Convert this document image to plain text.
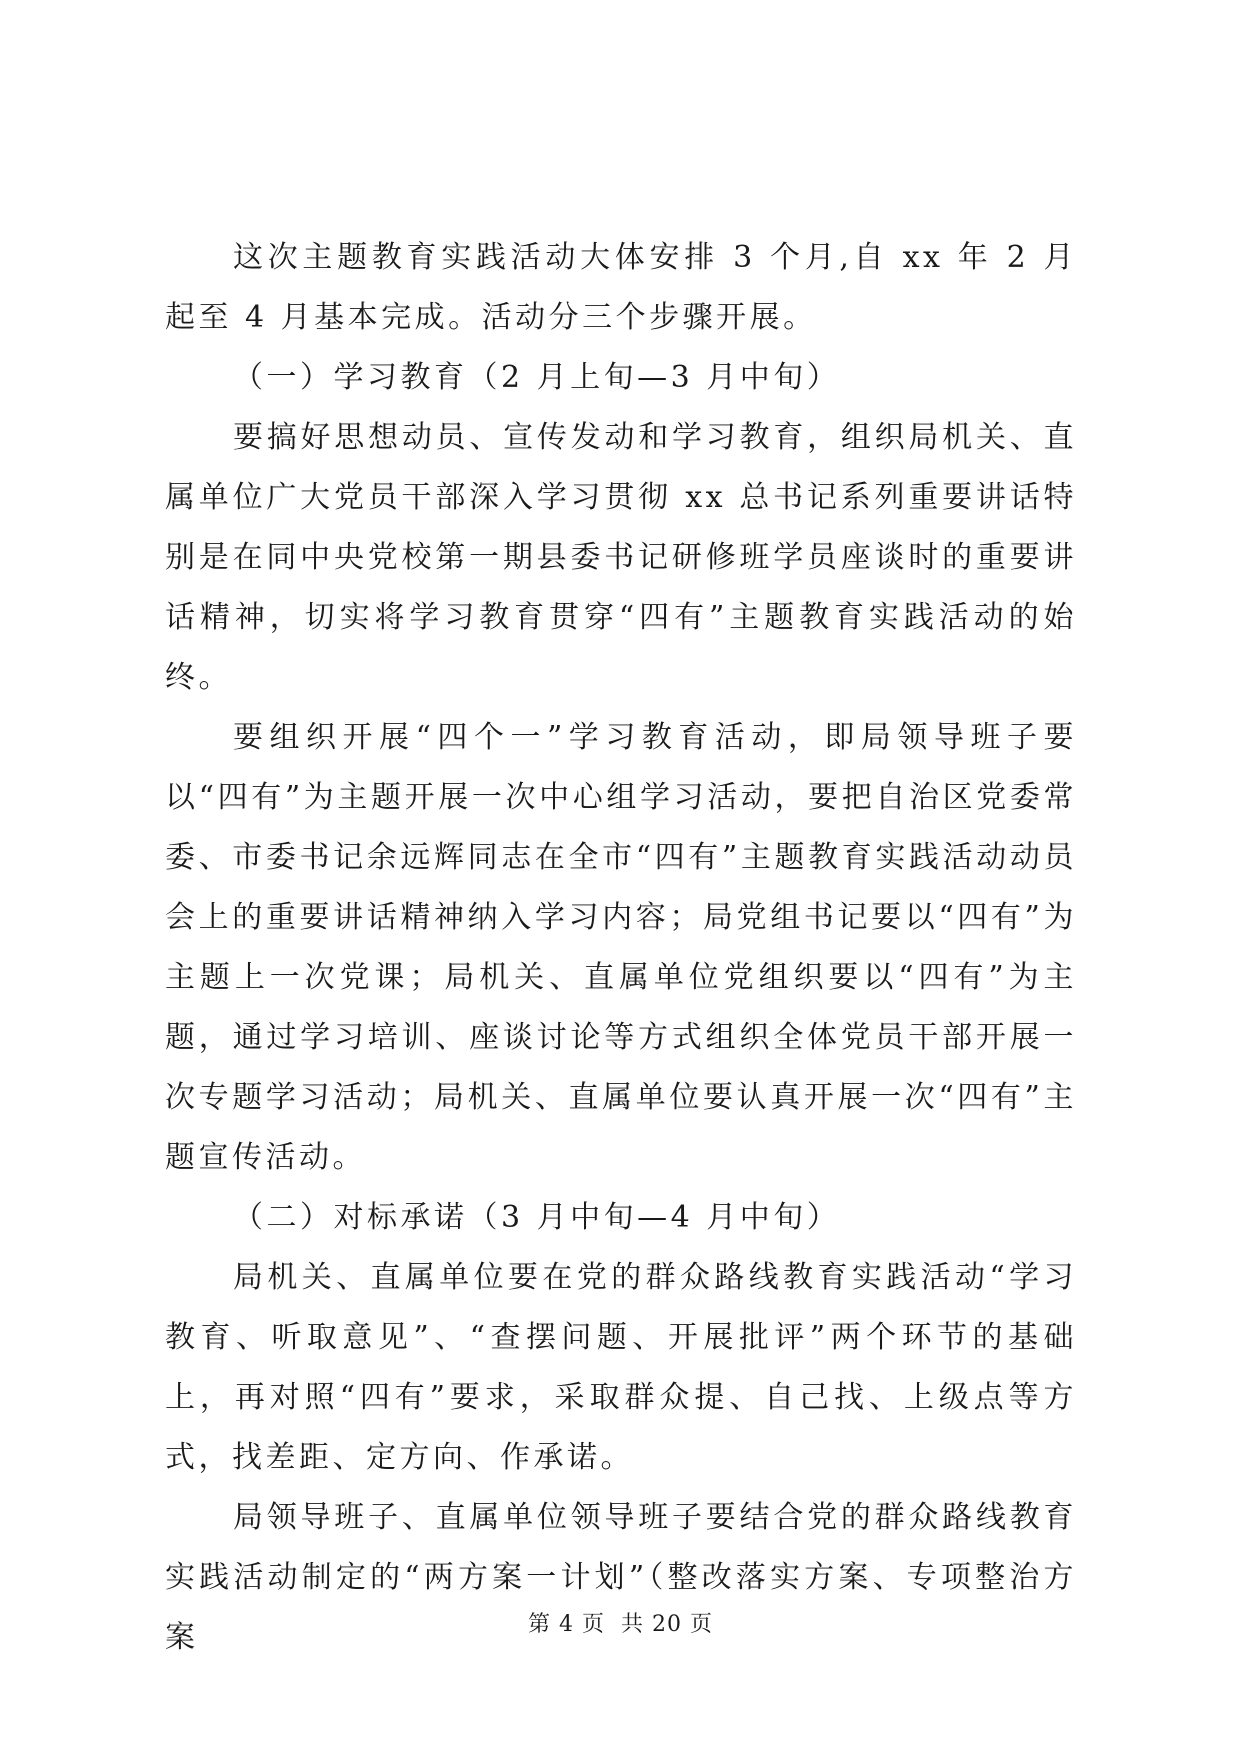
这次主题教育实践活动大体安排 3 个月,自 xx 年 2 月起至 4 月基本完成。活动分三个步骤开展。

（一）学习教育（2 月上旬—3 月中旬）

要搞好思想动员、宣传发动和学习教育，组织局机关、直属单位广大党员干部深入学习贯彻 xx 总书记系列重要讲话特别是在同中央党校第一期县委书记研修班学员座谈时的重要讲话精神，切实将学习教育贯穿“四有”主题教育实践活动的始终。

要组织开展“四个一”学习教育活动，即局领导班子要以“四有”为主题开展一次中心组学习活动，要把自治区党委常委、市委书记余远辉同志在全市“四有”主题教育实践活动动员会上的重要讲话精神纳入学习内容；局党组书记要以“四有”为主题上一次党课；局机关、直属单位党组织要以“四有”为主题，通过学习培训、座谈讨论等方式组织全体党员干部开展一次专题学习活动；局机关、直属单位要认真开展一次“四有”主题宣传活动。

（二）对标承诺（3 月中旬—4 月中旬）

局机关、直属单位要在党的群众路线教育实践活动“学习教育、听取意见”、“查摆问题、开展批评”两个环节的基础上，再对照“四有”要求，采取群众提、自己找、上级点等方式，找差距、定方向、作承诺。

局领导班子、直属单位领导班子要结合党的群众路线教育实践活动制定的“两方案一计划”（整改落实方案、专项整治方案	第 4 页  共 20 页
